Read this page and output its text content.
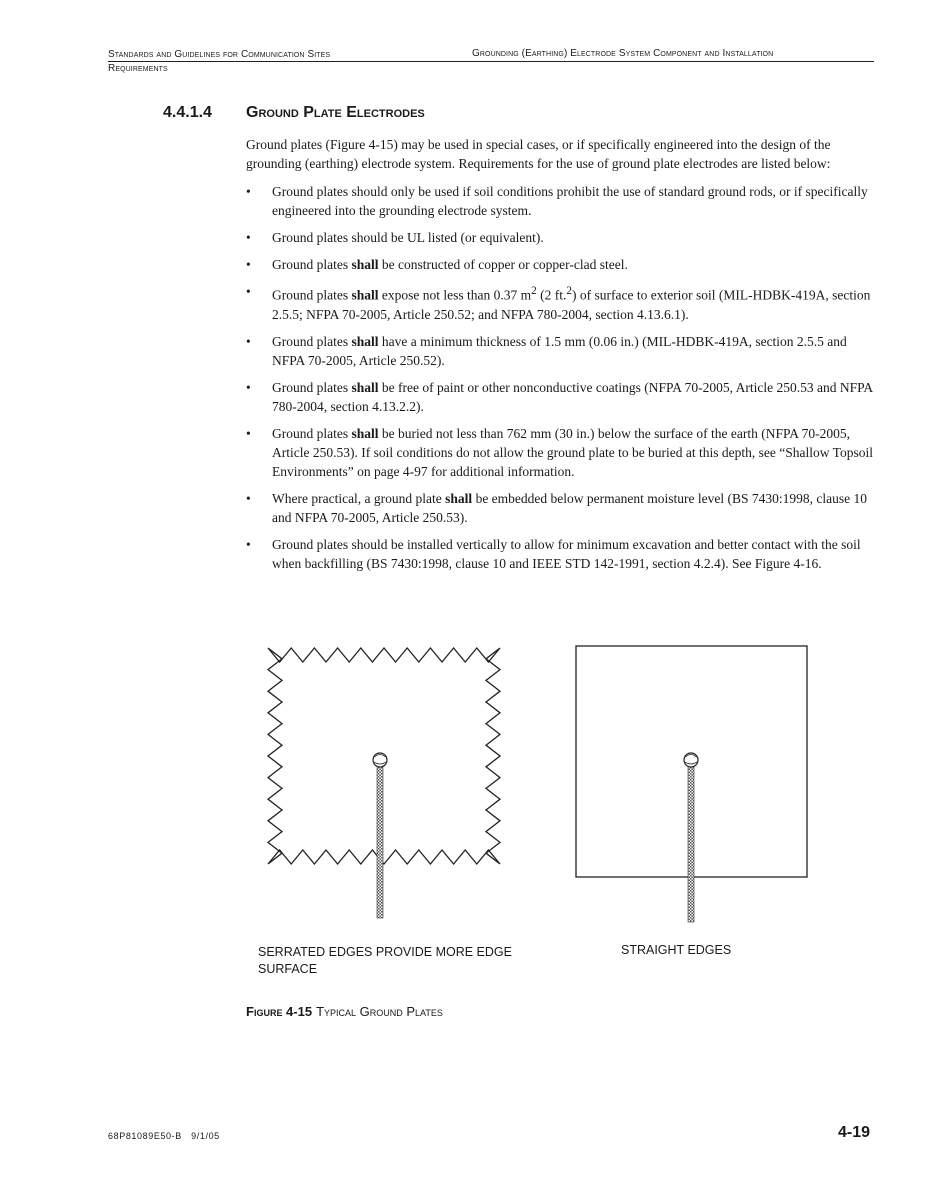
Standards and Guidelines for Communication Sites
Requirements
Grounding (Earthing) Electrode System Component and Installation
4.4.1.4 Ground Plate Electrodes

Ground plates (Figure 4-15) may be used in special cases, or if specifically engineered into the design of the grounding (earthing) electrode system. Requirements for the use of ground plate electrodes are listed below:

• Ground plates should only be used if soil conditions prohibit the use of standard ground rods, or if specifically engineered into the grounding electrode system.
• Ground plates should be UL listed (or equivalent).
• Ground plates shall be constructed of copper or copper-clad steel.
• Ground plates shall expose not less than 0.37 $m^2$ (2 ft.$^2$) of surface to exterior soil (MIL-HDBK-419A, section 2.5.5; NFPA 70-2005, Article 250.52; and NFPA 780-2004, section 4.13.6.1).
• Ground plates shall have a minimum thickness of 1.5 mm (0.06 in.) (MIL-HDBK-419A, section 2.5.5 and NFPA 70-2005, Article 250.52).
• Ground plates shall be free of paint or other nonconductive coatings (NFPA 70-2005, Article 250.53 and NFPA 780-2004, section 4.13.2.2).
• Ground plates shall be buried not less than 762 mm (30 in.) below the surface of the earth (NFPA 70-2005, Article 250.53). If soil conditions do not allow the ground plate to be buried at this depth, see “Shallow Topsoil Environments” on page 4-97 for additional information.
• Where practical, a ground plate shall be embedded below permanent moisture level (BS 7430:1998, clause 10 and NFPA 70-2005, Article 250.53).
• Ground plates should be installed vertically to allow for minimum excavation and better contact with the soil when backfilling (BS 7430:1998, clause 10 and IEEE STD 142-1991, section 4.2.4). See Figure 4-16.
SERRATED EDGES PROVIDE MORE EDGE SURFACE
STRAIGHT EDGES
Figure 4-15 Typical Ground Plates
68P81089E50-B   9/1/05	4-19
